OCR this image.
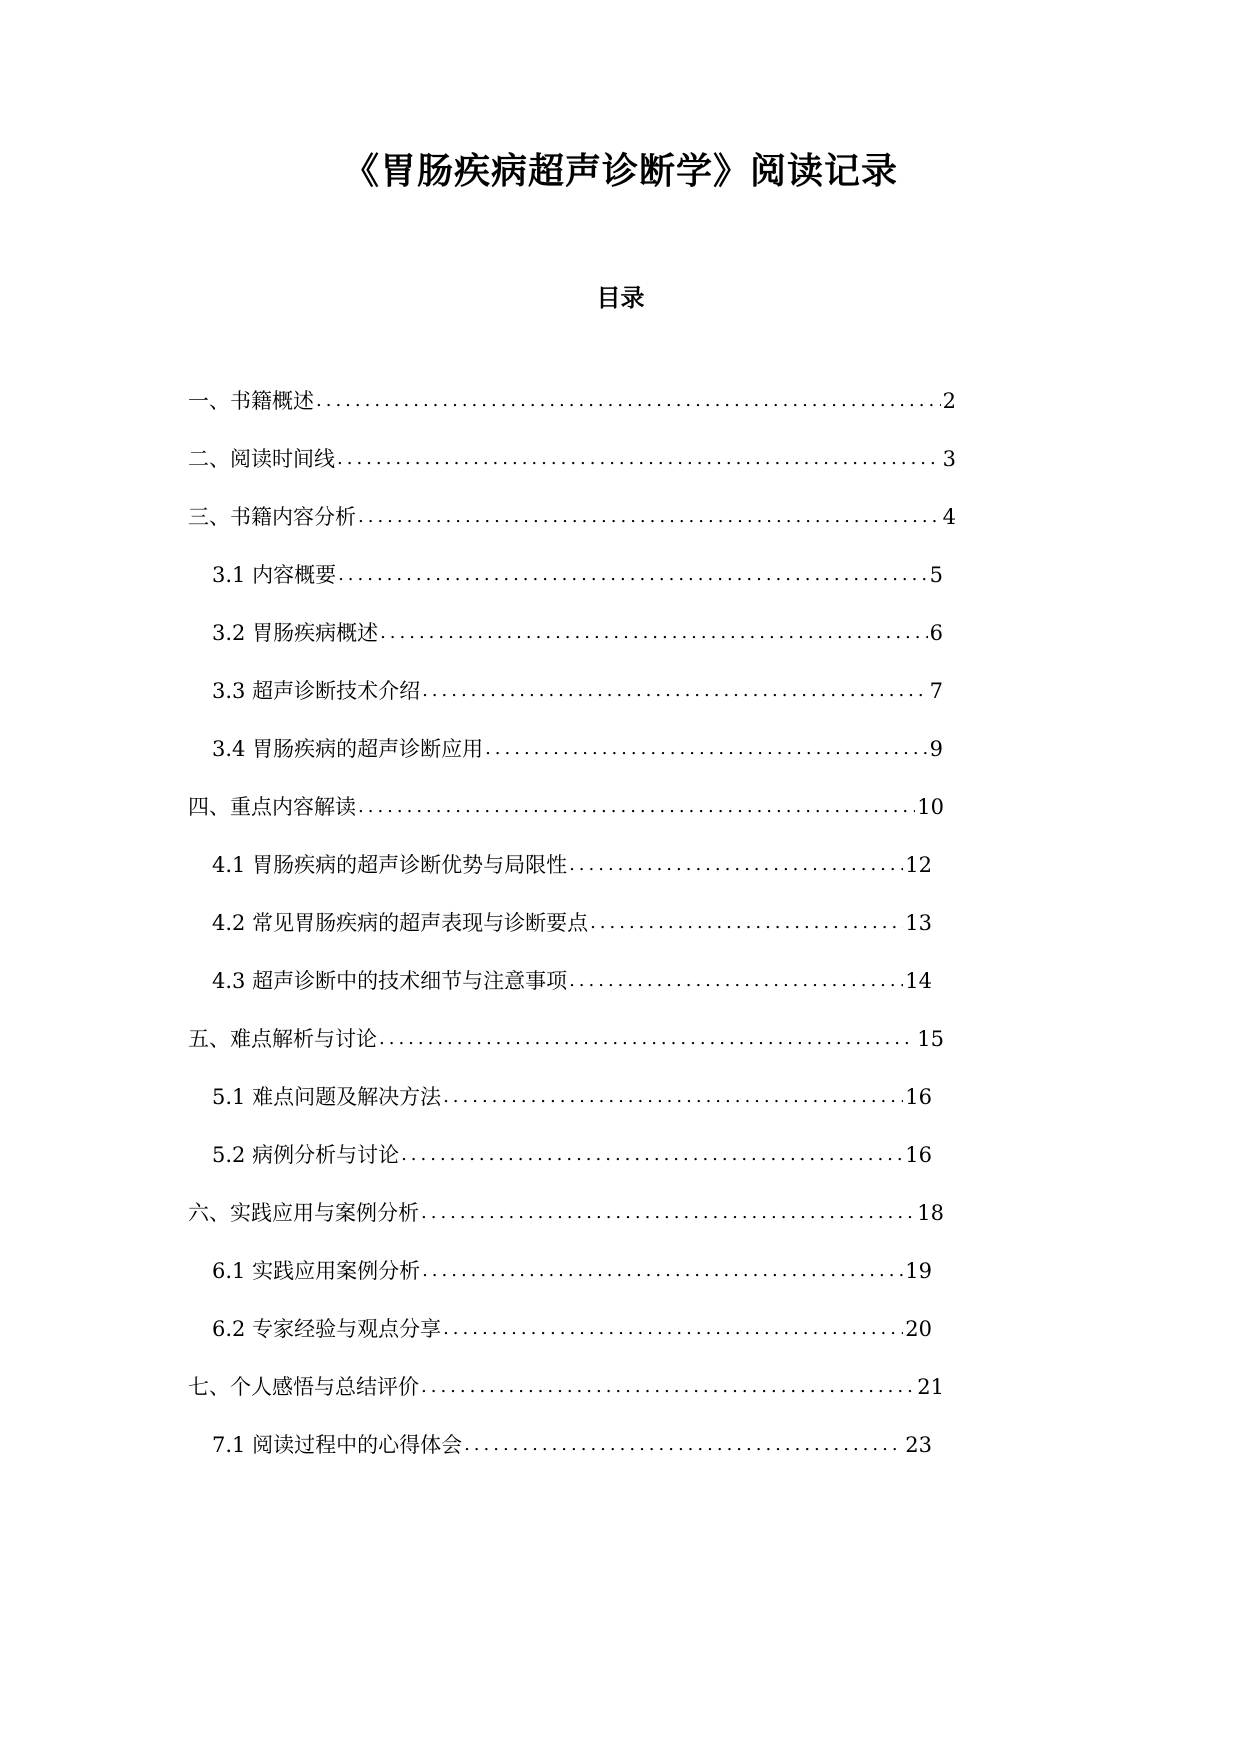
《胃肠疾病超声诊断学》阅读记录
目录
一、书籍概述 .....	2
二、阅读时间线 .....	3
三、书籍内容分析 .....	4
3.1 内容概要 .....	5
3.2 胃肠疾病概述 .....	6
3.3 超声诊断技术介绍 .....	7
3.4 胃肠疾病的超声诊断应用 .....	9
四、重点内容解读 .....	10
4.1 胃肠疾病的超声诊断优势与局限性 .....	12
4.2 常见胃肠疾病的超声表现与诊断要点 .....	13
4.3 超声诊断中的技术细节与注意事项 .....	14
五、难点解析与讨论 .....	15
5.1 难点问题及解决方法 .....	16
5.2 病例分析与讨论 .....	16
六、实践应用与案例分析 .....	18
6.1 实践应用案例分析 .....	19
6.2 专家经验与观点分享 .....	20
七、个人感悟与总结评价 .....	21
7.1 阅读过程中的心得体会 .....	23
